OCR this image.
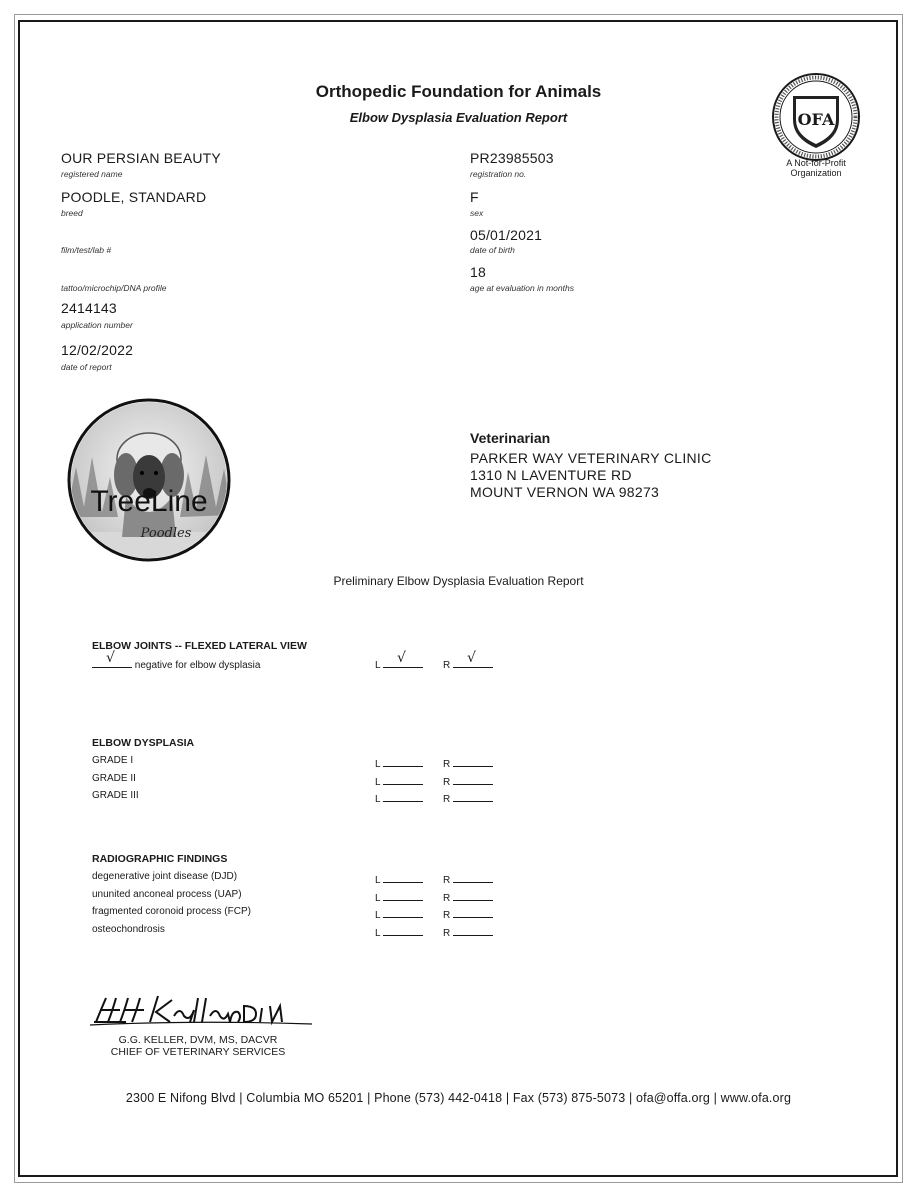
Orthopedic Foundation for Animals
Elbow Dysplasia Evaluation Report	OFA
A Not-for-Profit
Organization
OUR PERSIAN BEAUTY
registered name
POODLE, STANDARD
breed
film/test/lab #
tattoo/microchip/DNA profile
2414143
application number
12/02/2022
date of report
PR23985503
registration no.
F
sex
05/01/2021
date of birth
18
age at evaluation in months
TreeLine
Poodles
Veterinarian
PARKER WAY VETERINARY CLINIC
1310 N LAVENTURE RD
MOUNT VERNON WA 98273
Preliminary Elbow Dysplasia Evaluation Report
ELBOW JOINTS -- FLEXED LATERAL VIEW
√ negative for elbow dysplasia	L √	R √
ELBOW DYSPLASIA
GRADE I	L	R
GRADE II	L	R
GRADE III	L	R
RADIOGRAPHIC FINDINGS
degenerative joint disease (DJD)	L	R
ununited anconeal process (UAP)	L	R
fragmented coronoid process (FCP)	L	R
osteochondrosis	L	R
G.G. KELLER, DVM, MS, DACVR
CHIEF OF VETERINARY SERVICES
2300 E Nifong Blvd | Columbia MO 65201 | Phone (573) 442-0418 | Fax (573) 875-5073 | ofa@offa.org | www.ofa.org
